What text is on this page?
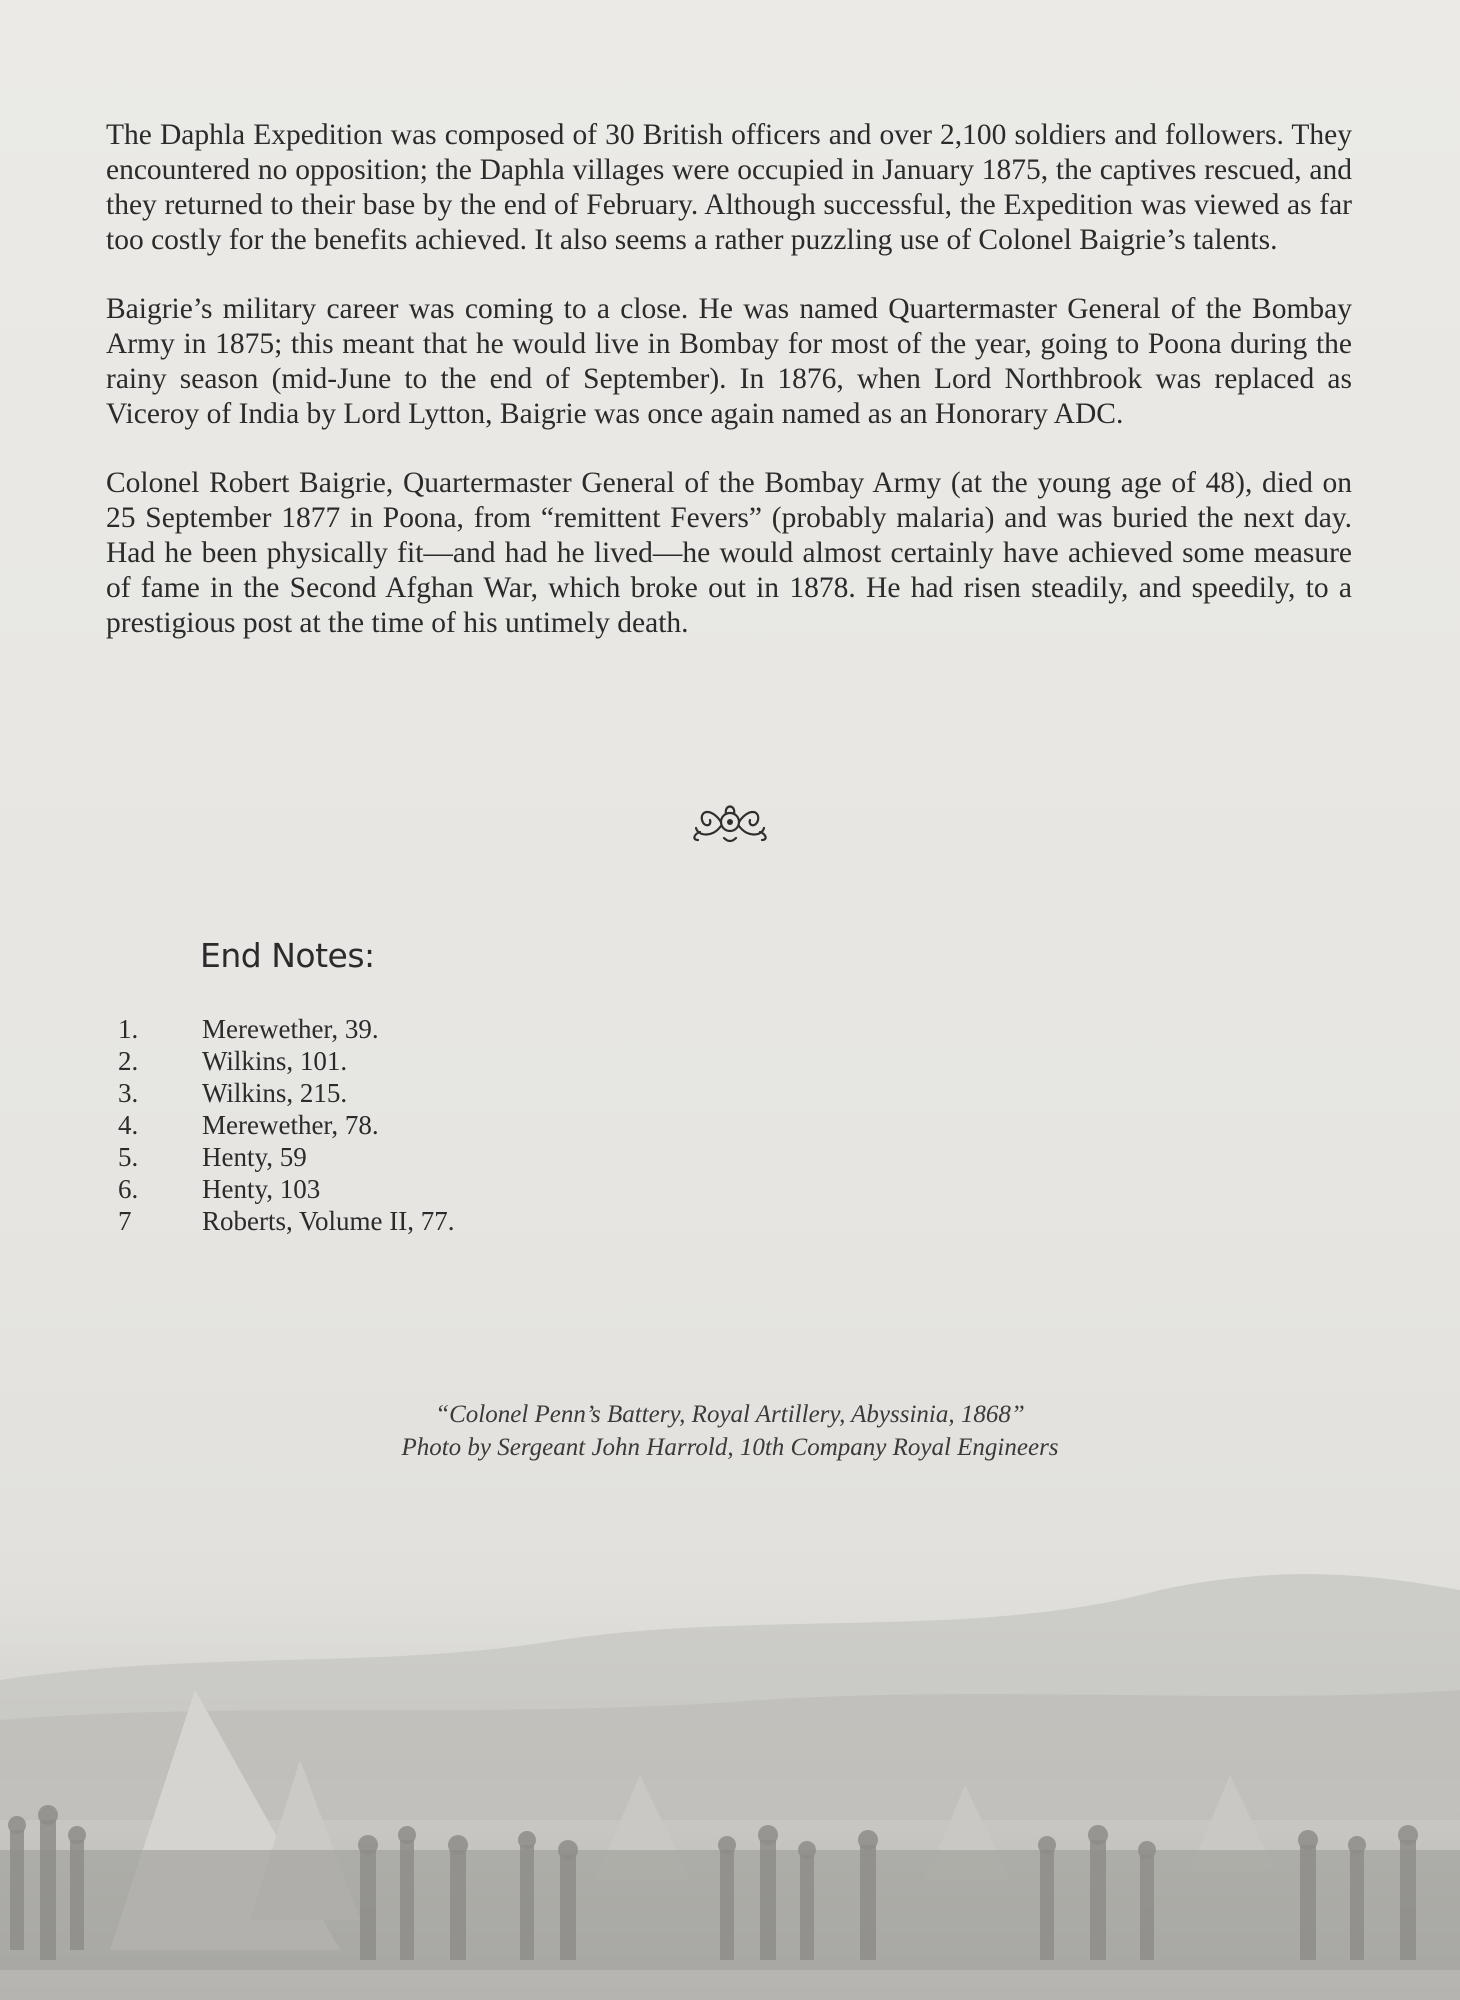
The Daphla Expedition was composed of 30 British officers and over 2,100 soldiers and followers. They encountered no opposition; the Daphla villages were occupied in January 1875, the captives rescued, and they returned to their base by the end of February. Although successful, the Expedition was viewed as far too costly for the benefits achieved. It also seems a rather puzzling use of Colonel Baigrie’s talents.

Baigrie’s military career was coming to a close. He was named Quartermaster General of the Bombay Army in 1875; this meant that he would live in Bombay for most of the year, going to Poona during the rainy season (mid-June to the end of September). In 1876, when Lord Northbrook was replaced as Viceroy of India by Lord Lytton, Baigrie was once again named as an Honorary ADC.

Colonel Robert Baigrie, Quartermaster General of the Bombay Army (at the young age of 48), died on 25 September 1877 in Poona, from “remittent Fevers” (probably malaria) and was buried the next day. Had he been physically fit—and had he lived—he would almost certainly have achieved some measure of fame in the Second Afghan War, which broke out in 1878. He had risen steadily, and speedily, to a prestigious post at the time of his untimely death.

End Notes:
1.	Merewether, 39.
2.	Wilkins, 101.
3.	Wilkins, 215.
4.	Merewether, 78.
5.	Henty, 59
6.	Henty, 103
7	Roberts, Volume II, 77.
“Colonel Penn’s Battery, Royal Artillery, Abyssinia, 1868”
Photo by Sergeant John Harrold, 10th Company Royal Engineers
